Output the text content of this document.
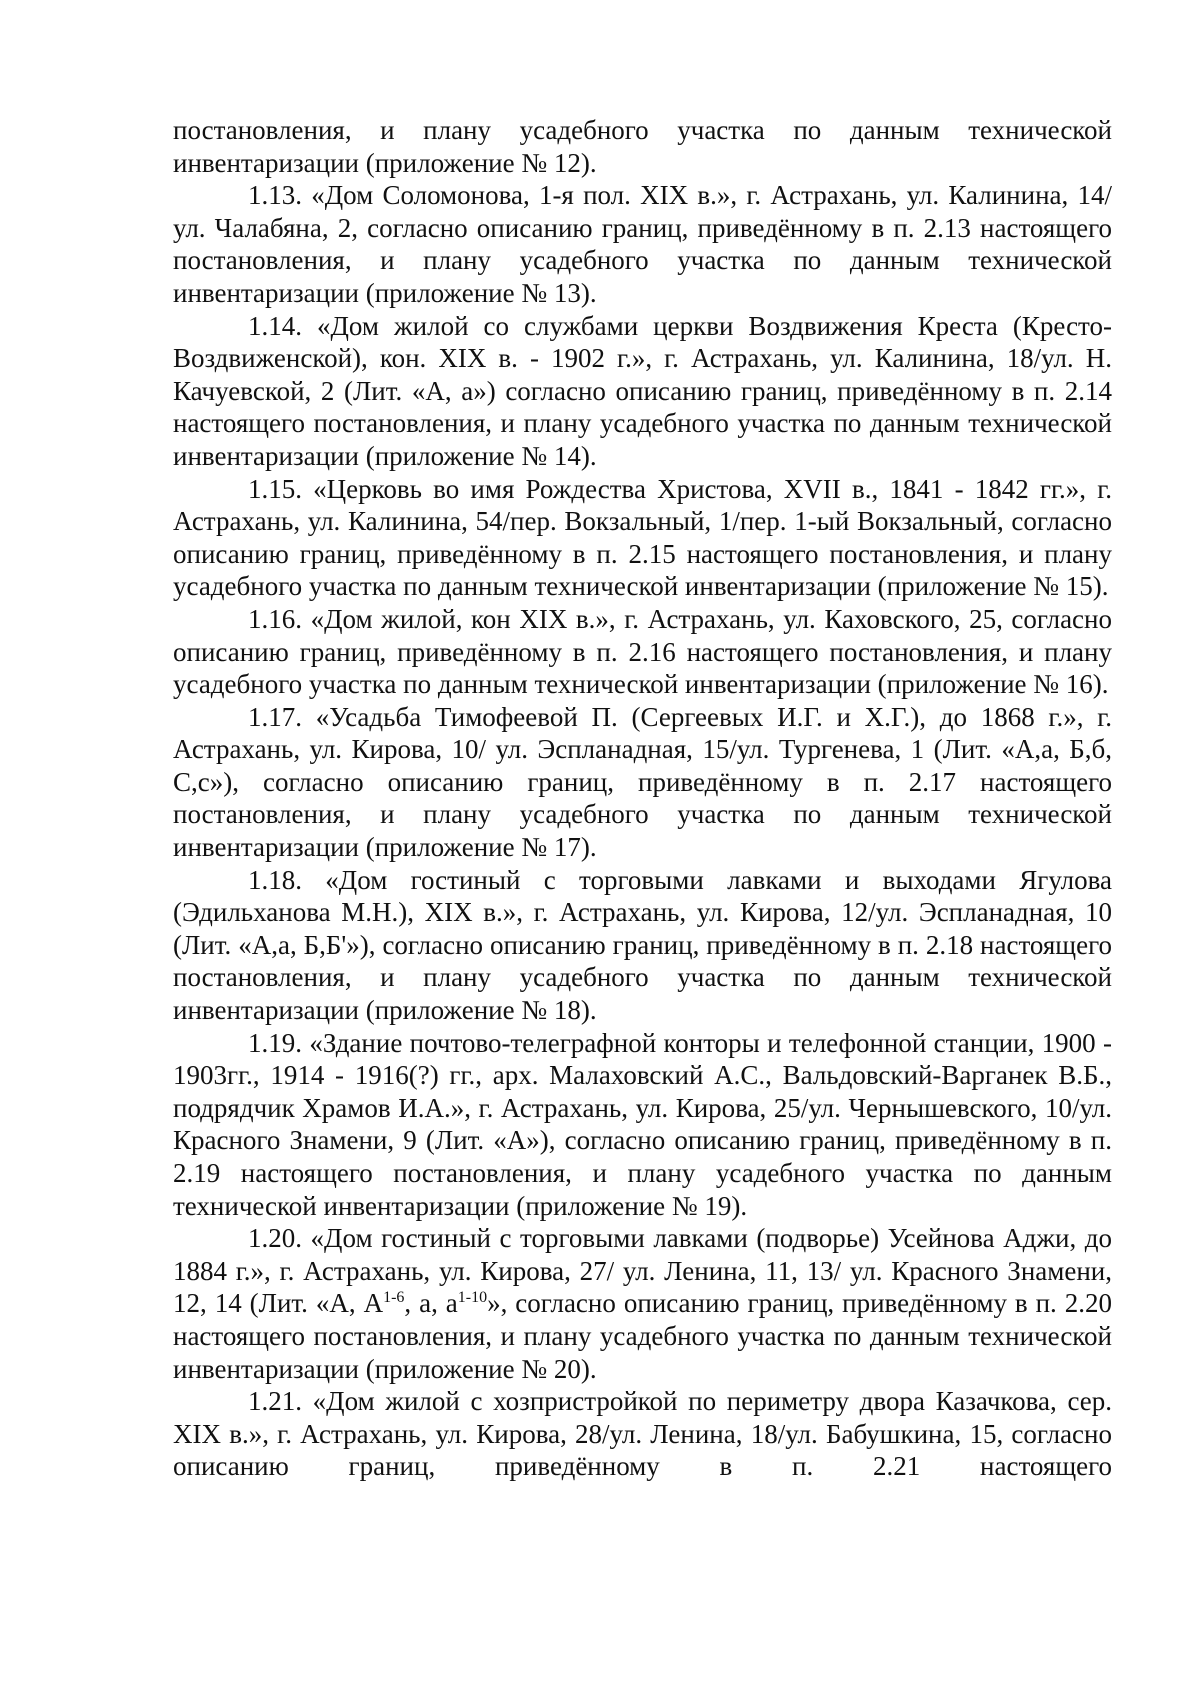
постановления, и плану усадебного участка по данным технической инвентаризации (приложение № 12).

1.13. «Дом Соломонова, 1-я пол. XIX в.», г. Астрахань, ул. Калинина, 14/ул. Чалабяна, 2, согласно описанию границ, приведённому в п. 2.13 настоящего постановления, и плану усадебного участка по данным технической инвентаризации (приложение № 13).

1.14. «Дом жилой со службами церкви Воздвижения Креста (Кресто-Воздвиженской), кон. XIX в. - 1902 г.», г. Астрахань, ул. Калинина, 18/ул. Н. Качуевской, 2 (Лит. «А, а») согласно описанию границ, приведённому в п. 2.14 настоящего постановления, и плану усадебного участка по данным технической инвентаризации (приложение № 14).

1.15. «Церковь во имя Рождества Христова, XVII в., 1841 - 1842 гг.», г. Астрахань, ул. Калинина, 54/пер. Вокзальный, 1/пер. 1-ый Вокзальный, согласно описанию границ, приведённому в п. 2.15 настоящего постановления, и плану усадебного участка по данным технической инвентаризации (приложение № 15).

1.16. «Дом жилой, кон XIX в.», г. Астрахань, ул. Каховского, 25, согласно описанию границ, приведённому в п. 2.16 настоящего постановления, и плану усадебного участка по данным технической инвентаризации (приложение № 16).

1.17. «Усадьба Тимофеевой П. (Сергеевых И.Г. и Х.Г.), до 1868 г.», г. Астрахань, ул. Кирова, 10/ ул. Эспланадная, 15/ул. Тургенева, 1 (Лит. «А,а, Б,б, С,с»), согласно описанию границ, приведённому в п. 2.17 настоящего постановления, и плану усадебного участка по данным технической инвентаризации (приложение № 17).

1.18. «Дом гостиный с торговыми лавками и выходами Ягулова (Эдильханова М.Н.), XIX в.», г. Астрахань, ул. Кирова, 12/ул. Эспланадная, 10 (Лит. «А,а, Б,Б'»), согласно описанию границ, приведённому в п. 2.18 настоящего постановления, и плану усадебного участка по данным технической инвентаризации (приложение № 18).

1.19. «Здание почтово-телеграфной конторы и телефонной станции, 1900 - 1903гг., 1914 - 1916(?) гг., арх. Малаховский А.С., Вальдовский-Варганек В.Б., подрядчик Храмов И.А.», г. Астрахань, ул. Кирова, 25/ул. Чернышевского, 10/ул. Красного Знамени, 9 (Лит. «А»), согласно описанию границ, приведённому в п. 2.19 настоящего постановления, и плану усадебного участка по данным технической инвентаризации (приложение № 19).

1.20. «Дом гостиный с торговыми лавками (подворье) Усейнова Аджи, до 1884 г.», г. Астрахань, ул. Кирова, 27/ ул. Ленина, 11, 13/ ул. Красного Знамени, 12, 14 (Лит. «А, $А^{1-6}$, а, $а^{1-10}$», согласно описанию границ, приведённому в п. 2.20 настоящего постановления, и плану усадебного участка по данным технической инвентаризации (приложение № 20).

1.21. «Дом жилой с хозпристройкой по периметру двора Казачкова, сер. XIX в.», г. Астрахань, ул. Кирова, 28/ул. Ленина, 18/ул. Бабушкина, 15, согласно описанию границ, приведённому в п. 2.21 настоящего
